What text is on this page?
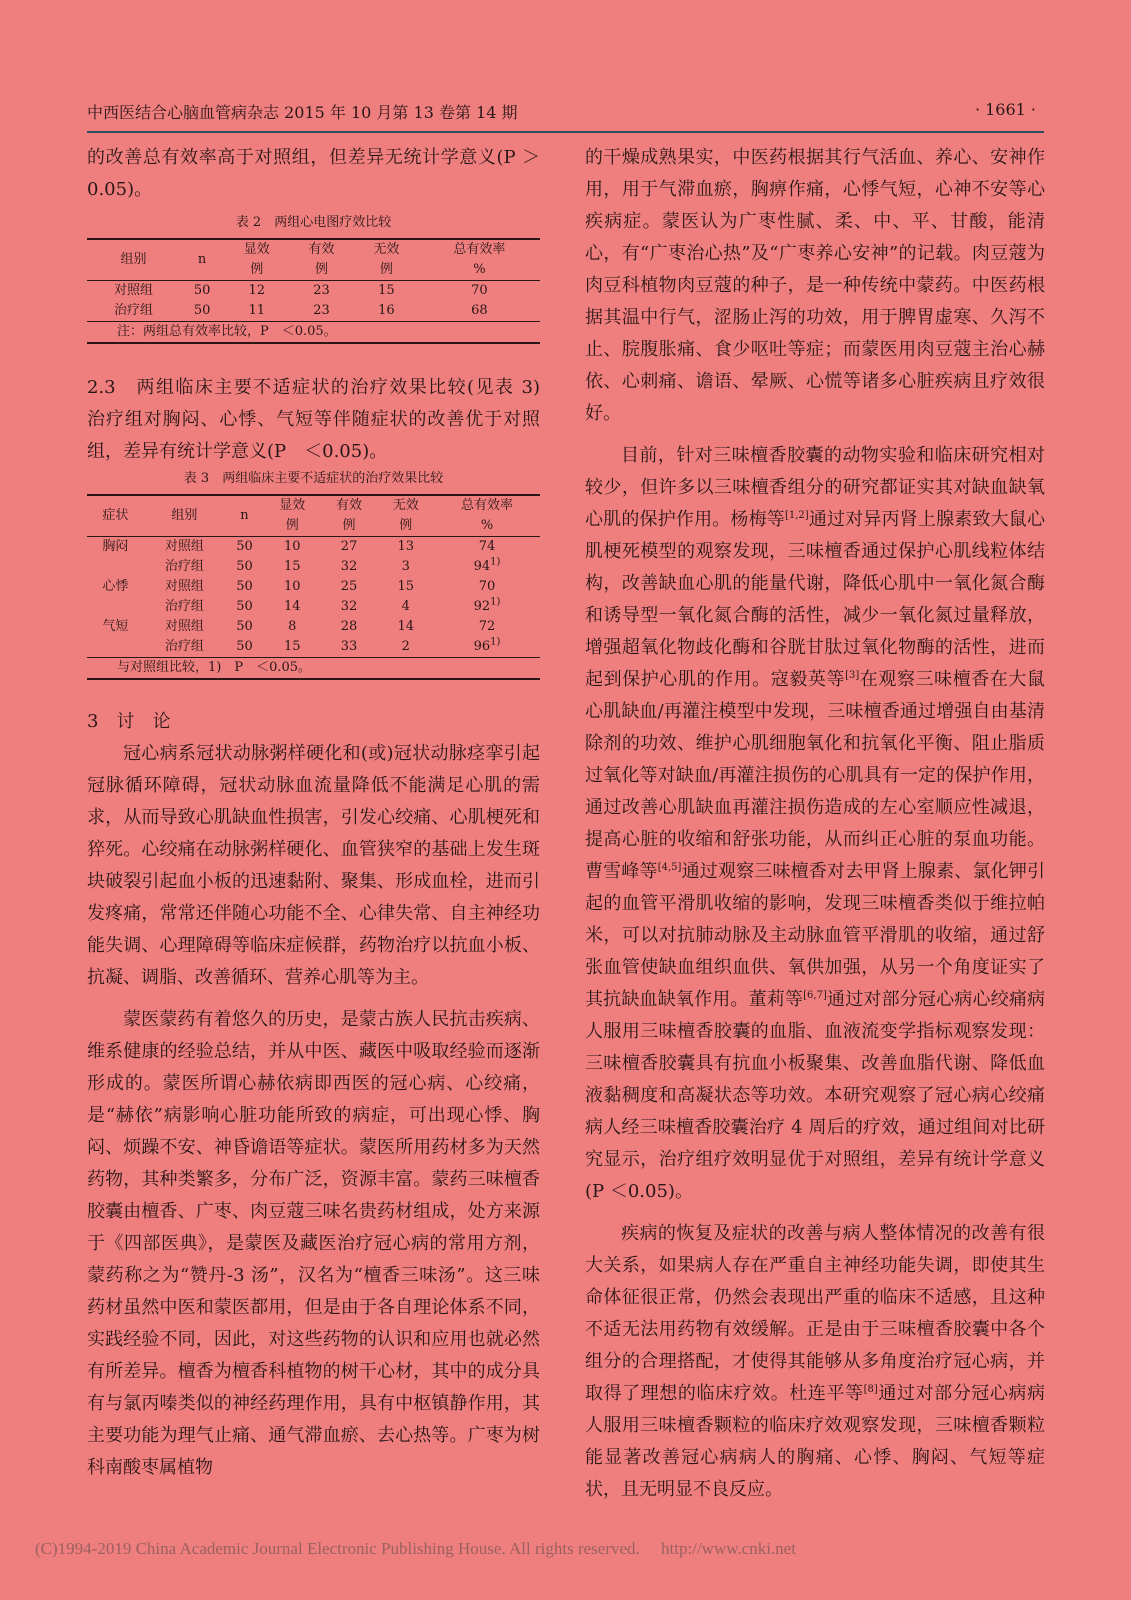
中西医结合心脑血管病杂志 2015 年 10 月第 13 卷第 14 期	· 1661 ·

的改善总有效率高于对照组，但差异无统计学意义(P ＞0.05)。

表 2　两组心电图疗效比较
组别	n	显效	有效	无效	总有效率
		例	例	例	%
对照组	50	12	23	15	70
治疗组	50	11	23	16	68
注：两组总有效率比较，P　＜0.05。					

2.3　两组临床主要不适症状的治疗效果比较(见表 3)　治疗组对胸闷、心悸、气短等伴随症状的改善优于对照组，差异有统计学意义(P　＜0.05)。

表 3　两组临床主要不适症状的治疗效果比较
症状	组别	n	显效	有效	无效	总有效率
			例	例	例	%
胸闷	对照组	50	10	27	13	74
	治疗组	50	15	32	3	94$^{1)}$
心悸	对照组	50	10	25	15	70
	治疗组	50	14	32	4	92$^{1)}$
气短	对照组	50	8	28	14	72
	治疗组	50	15	33	2	96$^{1)}$
与对照组比较，1)　P　＜0.05。						

3　讨　论

冠心病系冠状动脉粥样硬化和(或)冠状动脉痉挛引起冠脉循环障碍，冠状动脉血流量降低不能满足心肌的需求，从而导致心肌缺血性损害，引发心绞痛、心肌梗死和猝死。心绞痛在动脉粥样硬化、血管狭窄的基础上发生斑块破裂引起血小板的迅速黏附、聚集、形成血栓，进而引发疼痛，常常还伴随心功能不全、心律失常、自主神经功能失调、心理障碍等临床症候群，药物治疗以抗血小板、抗凝、调脂、改善循环、营养心肌等为主。

蒙医蒙药有着悠久的历史，是蒙古族人民抗击疾病、维系健康的经验总结，并从中医、藏医中吸取经验而逐渐形成的。蒙医所谓心赫依病即西医的冠心病、心绞痛，是“赫依”病影响心脏功能所致的病症，可出现心悸、胸闷、烦躁不安、神昏谵语等症状。蒙医所用药材多为天然药物，其种类繁多，分布广泛，资源丰富。蒙药三味檀香胶囊由檀香、广枣、肉豆蔻三味名贵药材组成，处方来源于《四部医典》，是蒙医及藏医治疗冠心病的常用方剂，蒙药称之为“赞丹-3 汤”，汉名为“檀香三味汤”。这三味药材虽然中医和蒙医都用，但是由于各自理论体系不同，实践经验不同，因此，对这些药物的认识和应用也就必然有所差异。檀香为檀香科植物的树干心材，其中的成分具有与氯丙嗪类似的神经药理作用，具有中枢镇静作用，其主要功能为理气止痛、通气滞血瘀、去心热等。广枣为树科南酸枣属植物

的干燥成熟果实，中医药根据其行气活血、养心、安神作用，用于气滞血瘀，胸痹作痛，心悸气短，心神不安等心疾病症。蒙医认为广枣性腻、柔、中、平、甘酸，能清心，有“广枣治心热”及“广枣养心安神”的记载。肉豆蔻为肉豆科植物肉豆蔻的种子，是一种传统中蒙药。中医药根据其温中行气，涩肠止泻的功效，用于脾胃虚寒、久泻不止、脘腹胀痛、食少呕吐等症；而蒙医用肉豆蔻主治心赫依、心刺痛、谵语、晕厥、心慌等诸多心脏疾病且疗效很好。

目前，针对三味檀香胶囊的动物实验和临床研究相对较少，但许多以三味檀香组分的研究都证实其对缺血缺氧心肌的保护作用。杨梅等[1,2]通过对异丙肾上腺素致大鼠心肌梗死模型的观察发现，三味檀香通过保护心肌线粒体结构，改善缺血心肌的能量代谢，降低心肌中一氧化氮合酶和诱导型一氧化氮合酶的活性，减少一氧化氮过量释放，增强超氧化物歧化酶和谷胱甘肽过氧化物酶的活性，进而起到保护心肌的作用。寇毅英等[3]在观察三味檀香在大鼠心肌缺血/再灌注模型中发现，三味檀香通过增强自由基清除剂的功效、维护心肌细胞氧化和抗氧化平衡、阻止脂质过氧化等对缺血/再灌注损伤的心肌具有一定的保护作用，通过改善心肌缺血再灌注损伤造成的左心室顺应性减退，提高心脏的收缩和舒张功能，从而纠正心脏的泵血功能。曹雪峰等[4,5]通过观察三味檀香对去甲肾上腺素、氯化钾引起的血管平滑肌收缩的影响，发现三味檀香类似于维拉帕米，可以对抗肺动脉及主动脉血管平滑肌的收缩，通过舒张血管使缺血组织血供、氧供加强，从另一个角度证实了其抗缺血缺氧作用。董莉等[6,7]通过对部分冠心病心绞痛病人服用三味檀香胶囊的血脂、血液流变学指标观察发现：三味檀香胶囊具有抗血小板聚集、改善血脂代谢、降低血液黏稠度和高凝状态等功效。本研究观察了冠心病心绞痛病人经三味檀香胶囊治疗 4 周后的疗效，通过组间对比研究显示，治疗组疗效明显优于对照组，差异有统计学意义(P ＜0.05)。

疾病的恢复及症状的改善与病人整体情况的改善有很大关系，如果病人存在严重自主神经功能失调，即使其生命体征很正常，仍然会表现出严重的临床不适感，且这种不适无法用药物有效缓解。正是由于三味檀香胶囊中各个组分的合理搭配，才使得其能够从多角度治疗冠心病，并取得了理想的临床疗效。杜连平等[8]通过对部分冠心病病人服用三味檀香颗粒的临床疗效观察发现，三味檀香颗粒能显著改善冠心病病人的胸痛、心悸、胸闷、气短等症状，且无明显不良反应。

(C)1994-2019 China Academic Journal Electronic Publishing House. All rights reserved.　 http://www.cnki.net
